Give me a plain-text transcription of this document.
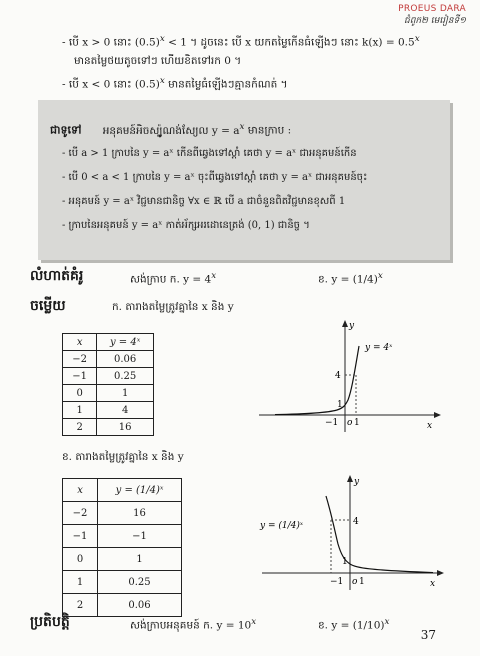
PROEUS DARA
ជំពូក២ មេរៀនទី១
- បើ x > 0 នោះ $(0.5)^x < 1$ ។ ដូចនេះ បើ x យកតម្លៃកើនធំឡើងៗ នោះ $k(x) = 0.5^x$
មានតម្លៃថយតូចទៅៗ ហើយខិតទៅរក 0 ។
- បើ x < 0 នោះ $(0.5)^x$ មានតម្លៃធំឡើងៗគ្មានកំណត់ ។
ជាទូទៅ អនុគមន៍អិចស្ប៉ូណង់ស្យែល $y = a^x$ មានក្រាប :
- បើ a > 1 ក្រាបនៃ y = aˣ កើនពីឆ្វេងទៅស្តាំ គេថា y = aˣ ជាអនុគមន៍កើន
- បើ 0 < a < 1 ក្រាបនៃ y = aˣ ចុះពីឆ្វេងទៅស្តាំ គេថា y = aˣ ជាអនុគមន៍ចុះ
- អនុគមន៍ y = aˣ វិជ្ជមានជានិច្ច ∀x ∈ ℝ បើ a ជាចំនួនពិតវិជ្ជមានខុសពី 1
- ក្រាបនៃអនុគមន៍ y = aˣ កាត់អ័ក្សអរដោនេត្រង់ (0, 1) ជានិច្ច ។
លំហាត់គំរូ	សង់ក្រាប ក. $y = 4^x$	ខ. $y = (1/4)^x$
ចម្លើយ	ក. តារាងតម្លៃត្រូវគ្នានៃ x និង y
x	y = 4ˣ
−2	0.06
−1	0.25
0	1
1	4
2	16
y
x
4
1
−1 o 1
y = 4ˣ
ខ. តារាងតម្លៃត្រូវគ្នានៃ x និង y
x	y = (1/4)ˣ
−2	16
−1	−1
0	1
1	0.25
2	0.06
y
x
4
1
−1 o 1
y = (1/4)ˣ
ប្រតិបត្តិ	សង់ក្រាបអនុគមន៍ ក. $y = 10^x$	ខ. $y = (1/10)^x$
37
